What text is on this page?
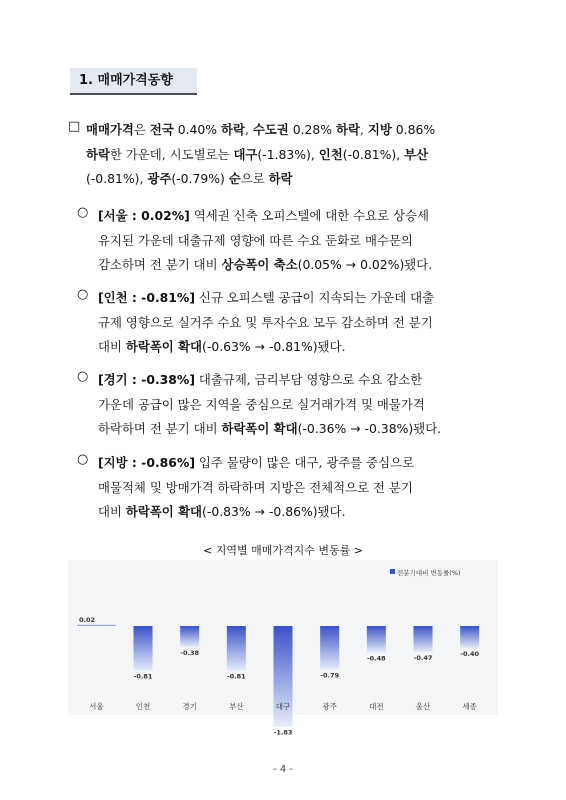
1. 매매가격동향
□ 매매가격은 전국 0.40% 하락, 수도권 0.28% 하락, 지방 0.86%
하락한 가운데, 시도별로는 대구(-1.83%), 인천(-0.81%), 부산
(-0.81%), 광주(-0.79%) 순으로 하락
○ [서울 : 0.02%] 역세권 신축 오피스텔에 대한 수요로 상승세
유지된 가운데 대출규제 영향에 따른 수요 둔화로 매수문의
감소하며 전 분기 대비 상승폭이 축소(0.05% → 0.02%)됐다.
○ [인천 : -0.81%] 신규 오피스텔 공급이 지속되는 가운데 대출
규제 영향으로 실거주 수요 및 투자수요 모두 감소하며 전 분기
대비 하락폭이 확대(-0.63% → -0.81%)됐다.
○ [경기 : -0.38%] 대출규제, 금리부담 영향으로 수요 감소한
가운데 공급이 많은 지역을 중심으로 실거래가격 및 매물가격
하락하며 전 분기 대비 하락폭이 확대(-0.36% → -0.38%)됐다.
○ [지방 : -0.86%] 입주 물량이 많은 대구, 광주를 중심으로
매물적체 및 방매가격 하락하며 지방은 전체적으로 전 분기
대비 하락폭이 확대(-0.83% → -0.86%)됐다.
< 지역별 매매가격지수 변동률 >
전분기대비 변동률(%)
0.02
서울
-0.81
인천
-0.38
경기
-0.81
부산
-1.83
대구
-0.79
광주
-0.48
대전
-0.47
울산
-0.40
세종
- 4 -
